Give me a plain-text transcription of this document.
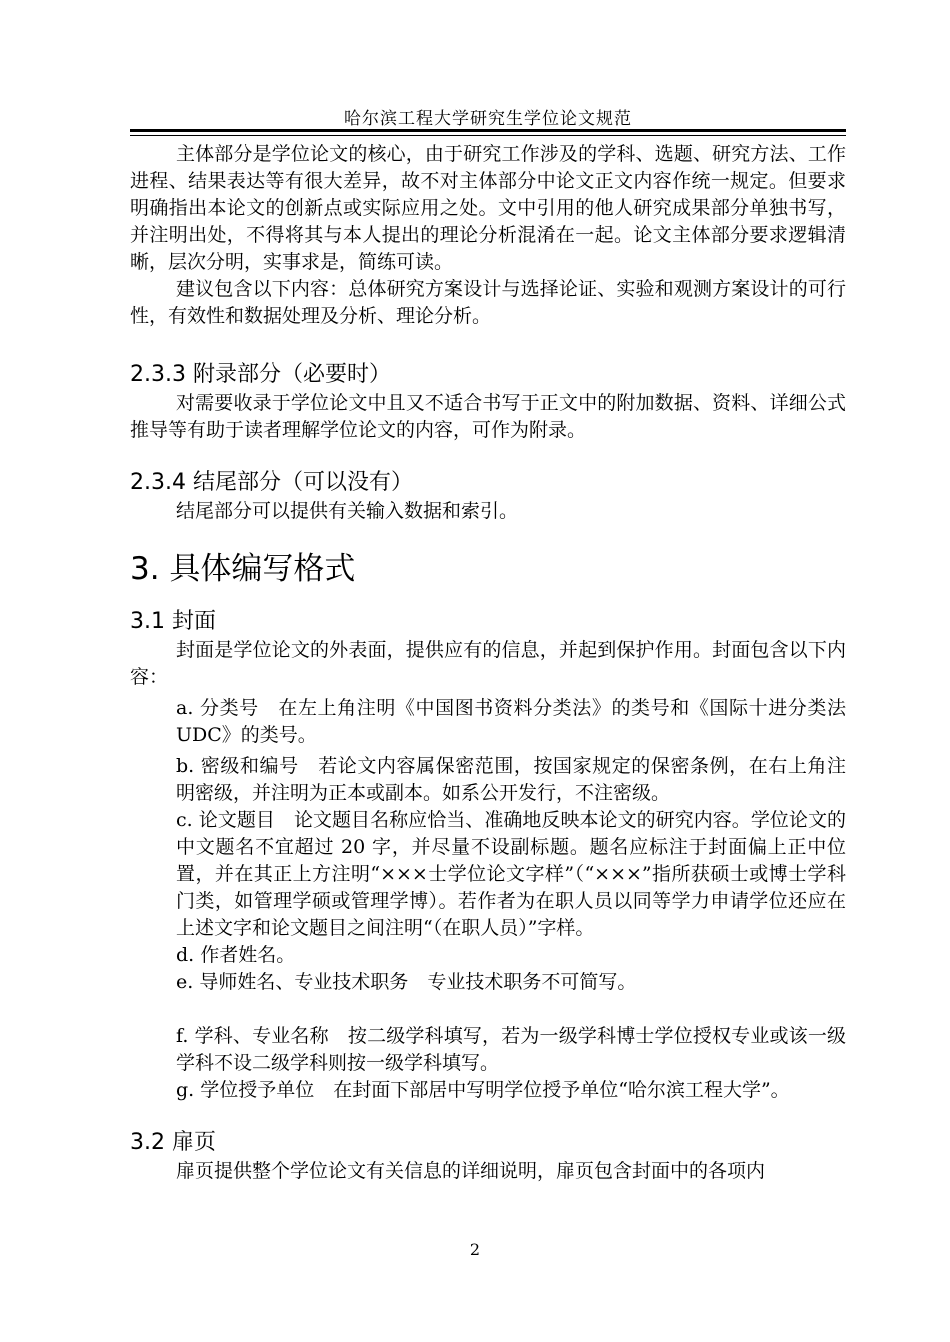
哈尔滨工程大学研究生学位论文规范

主体部分是学位论文的核心，由于研究工作涉及的学科、选题、研究方法、工作进程、结果表达等有很大差异，故不对主体部分中论文正文内容作统一规定。但要求明确指出本论文的创新点或实际应用之处。文中引用的他人研究成果部分单独书写，并注明出处，不得将其与本人提出的理论分析混淆在一起。论文主体部分要求逻辑清晰，层次分明，实事求是，简练可读。

建议包含以下内容：总体研究方案设计与选择论证、实验和观测方案设计的可行性，有效性和数据处理及分析、理论分析。

2.3.3 附录部分（必要时）

对需要收录于学位论文中且又不适合书写于正文中的附加数据、资料、详细公式推导等有助于读者理解学位论文的内容，可作为附录。

2.3.4 结尾部分（可以没有）

结尾部分可以提供有关输入数据和索引。

3. 具体编写格式
3.1 封面

封面是学位论文的外表面，提供应有的信息，并起到保护作用。封面包含以下内容：

a. 分类号　在左上角注明《中国图书资料分类法》的类号和《国际十进分类法 UDC》的类号。

b. 密级和编号　若论文内容属保密范围，按国家规定的保密条例，在右上角注明密级，并注明为正本或副本。如系公开发行，不注密级。

c. 论文题目　论文题目名称应恰当、准确地反映本论文的研究内容。学位论文的中文题名不宜超过 20 字，并尽量不设副标题。题名应标注于封面偏上正中位置，并在其正上方注明“×××士学位论文字样”（“×××”指所获硕士或博士学科门类，如管理学硕或管理学博）。若作者为在职人员以同等学力申请学位还应在上述文字和论文题目之间注明“（在职人员）”字样。

d. 作者姓名。

e. 导师姓名、专业技术职务　专业技术职务不可简写。

f. 学科、专业名称　按二级学科填写，若为一级学科博士学位授权专业或该一级学科不设二级学科则按一级学科填写。

g. 学位授予单位　在封面下部居中写明学位授予单位“哈尔滨工程大学”。

3.2 扉页

扉页提供整个学位论文有关信息的详细说明，扉页包含封面中的各项内

2
